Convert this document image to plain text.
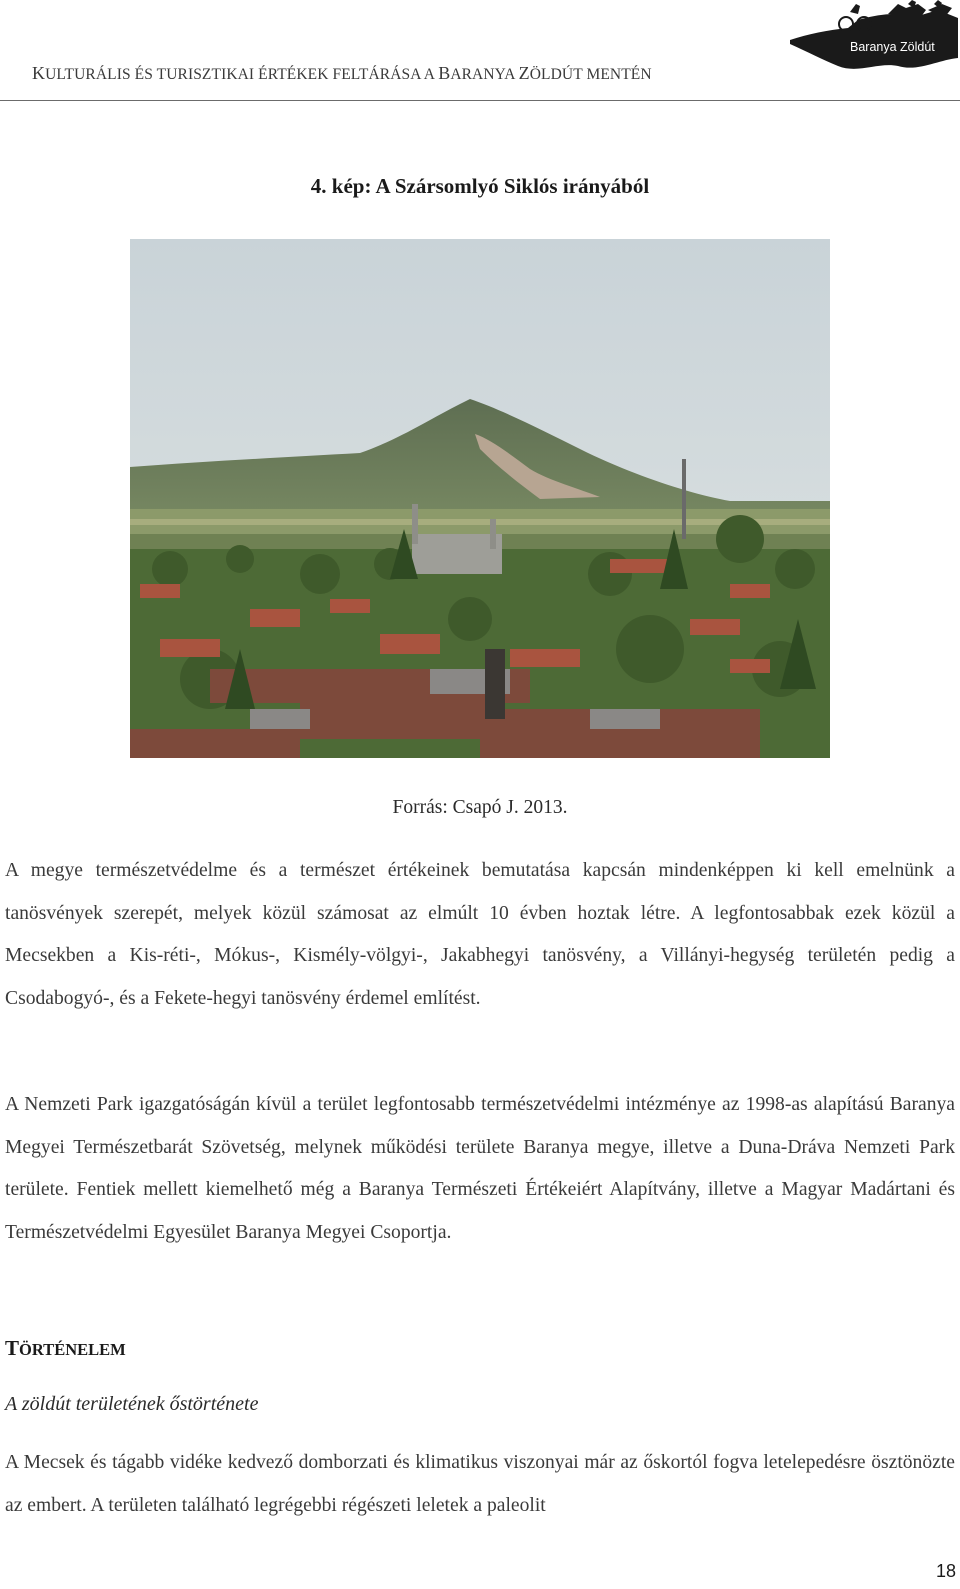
KULTURÁLIS ÉS TURISZTIKAI ÉRTÉKEK FELTÁRÁSA A BARANYA ZÖLDÚT MENTÉN
Baranya Zöldút
4. kép: A Szársomlyó Siklós irányából
Forrás: Csapó J. 2013.

A megye természetvédelme és a természet értékeinek bemutatása kapcsán mindenképpen ki kell emelnünk a tanösvények szerepét, melyek közül számosat az elmúlt 10 évben hoztak létre. A legfontosabbak ezek közül a Mecsekben a Kis-réti-, Mókus-, Kismély-völgyi-, Jakabhegyi tanösvény, a Villányi-hegység területén pedig a Csodabogyó-, és a Fekete-hegyi tanösvény érdemel említést.

A Nemzeti Park igazgatóságán kívül a terület legfontosabb természetvédelmi intézménye az 1998-as alapítású Baranya Megyei Természetbarát Szövetség, melynek működési területe Baranya megye, illetve a Duna-Dráva Nemzeti Park területe. Fentiek mellett kiemelhető még a Baranya Természeti Értékeiért Alapítvány, illetve a Magyar Madártani és Természetvédelmi Egyesület Baranya Megyei Csoportja.

TÖRTÉNELEM
A zöldút területének őstörténete

A Mecsek és tágabb vidéke kedvező domborzati és klimatikus viszonyai már az őskortól fogva letelepedésre ösztönözte az embert. A területen található legrégebbi régészeti leletek a paleolit

18
